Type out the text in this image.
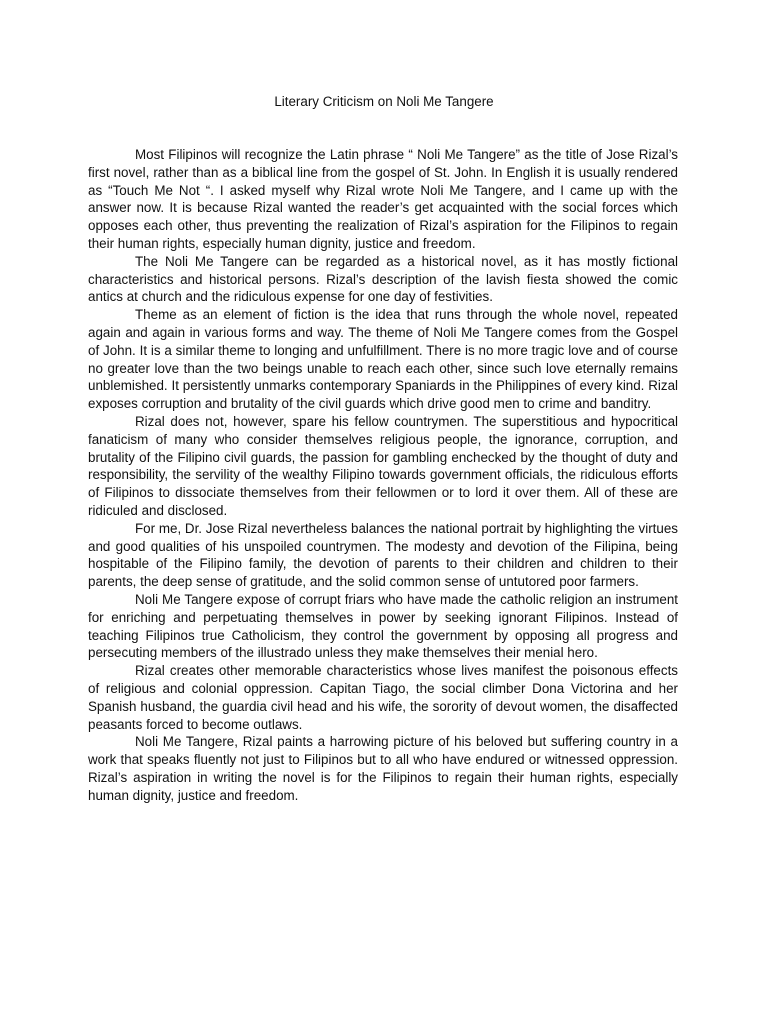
Literary Criticism on Noli Me Tangere

Most Filipinos will recognize the Latin phrase “ Noli Me Tangere” as the title of Jose Rizal’s first novel, rather than as a biblical line from the gospel of St. John. In English it is usually rendered as “Touch Me Not “. I asked myself why Rizal wrote Noli Me Tangere, and I came up with the answer now. It is because Rizal wanted the reader’s get acquainted with the social forces which opposes each other, thus preventing the realization of Rizal’s aspiration for the Filipinos to regain their human rights, especially human dignity, justice and freedom.

The Noli Me Tangere can be regarded as a historical novel, as it has mostly fictional characteristics and historical persons. Rizal’s description of the lavish fiesta showed the comic antics at church and the ridiculous expense for one day of festivities.

Theme as an element of fiction is the idea that runs through the whole novel, repeated again and again in various forms and way. The theme of Noli Me Tangere comes from the Gospel of John. It is a similar theme to longing and unfulfillment. There is no more tragic love and of course no greater love than the two beings unable to reach each other, since such love eternally remains unblemished. It persistently unmarks contemporary Spaniards in the Philippines of every kind. Rizal exposes corruption and brutality of the civil guards which drive good men to crime and banditry.

Rizal does not, however, spare his fellow countrymen. The superstitious and hypocritical fanaticism of many who consider themselves religious people, the ignorance, corruption, and brutality of the Filipino civil guards, the passion for gambling enchecked by the thought of duty and responsibility, the servility of the wealthy Filipino towards government officials, the ridiculous efforts of Filipinos to dissociate themselves from their fellowmen or to lord it over them. All of these are ridiculed and disclosed.

For me, Dr. Jose Rizal nevertheless balances the national portrait by highlighting the virtues and good qualities of his unspoiled countrymen. The modesty and devotion of the Filipina, being hospitable of the Filipino family, the devotion of parents to their children and children to their parents, the deep sense of gratitude, and the solid common sense of untutored poor farmers.

Noli Me Tangere expose of corrupt friars who have made the catholic religion an instrument for enriching and perpetuating themselves in power by seeking ignorant Filipinos. Instead of teaching Filipinos true Catholicism, they control the government by opposing all progress and persecuting members of the illustrado unless they make themselves their menial hero.

Rizal creates other memorable characteristics whose lives manifest the poisonous effects of religious and colonial oppression. Capitan Tiago, the social climber Dona Victorina and her Spanish husband, the guardia civil head and his wife, the sorority of devout women, the disaffected peasants forced to become outlaws.

Noli Me Tangere, Rizal paints a harrowing picture of his beloved but suffering country in a work that speaks fluently not just to Filipinos but to all who have endured or witnessed oppression. Rizal’s aspiration in writing the novel is for the Filipinos to regain their human rights, especially human dignity, justice and freedom.
